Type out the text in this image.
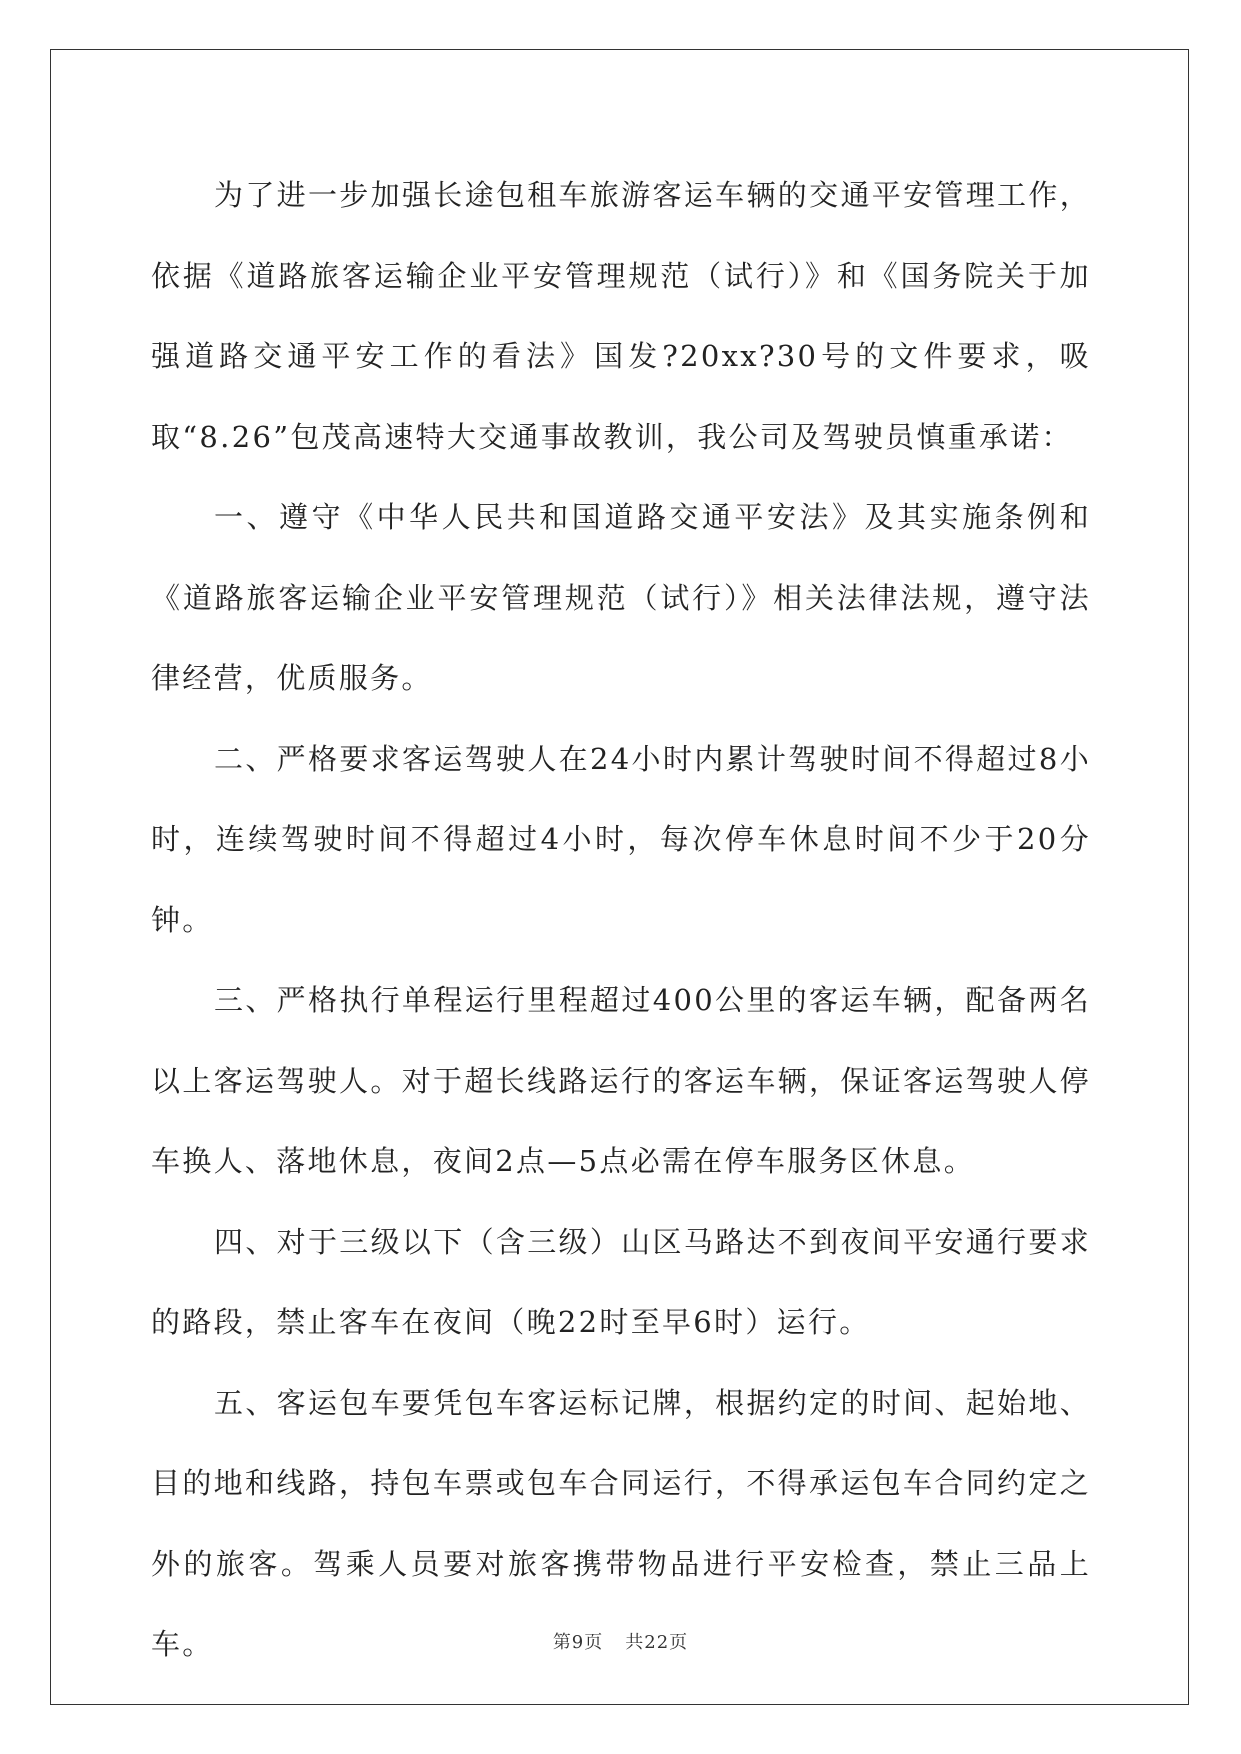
为了进一步加强长途包租车旅游客运车辆的交通平安管理工作，依据《道路旅客运输企业平安管理规范（试行）》和《国务院关于加强道路交通平安工作的看法》国发?20xx?30号的文件要求，吸取“8.26”包茂高速特大交通事故教训，我公司及驾驶员慎重承诺：

一、遵守《中华人民共和国道路交通平安法》及其实施条例和《道路旅客运输企业平安管理规范（试行）》相关法律法规，遵守法律经营，优质服务。

二、严格要求客运驾驶人在24小时内累计驾驶时间不得超过8小时，连续驾驶时间不得超过4小时，每次停车休息时间不少于20分钟。

三、严格执行单程运行里程超过400公里的客运车辆，配备两名以上客运驾驶人。对于超长线路运行的客运车辆，保证客运驾驶人停车换人、落地休息，夜间2点—5点必需在停车服务区休息。

四、对于三级以下（含三级）山区马路达不到夜间平安通行要求的路段，禁止客车在夜间（晚22时至早6时）运行。

五、客运包车要凭包车客运标记牌，根据约定的时间、起始地、目的地和线路，持包车票或包车合同运行，不得承运包车合同约定之外的旅客。驾乘人员要对旅客携带物品进行平安检查，禁止三品上车。	第9页 共22页
